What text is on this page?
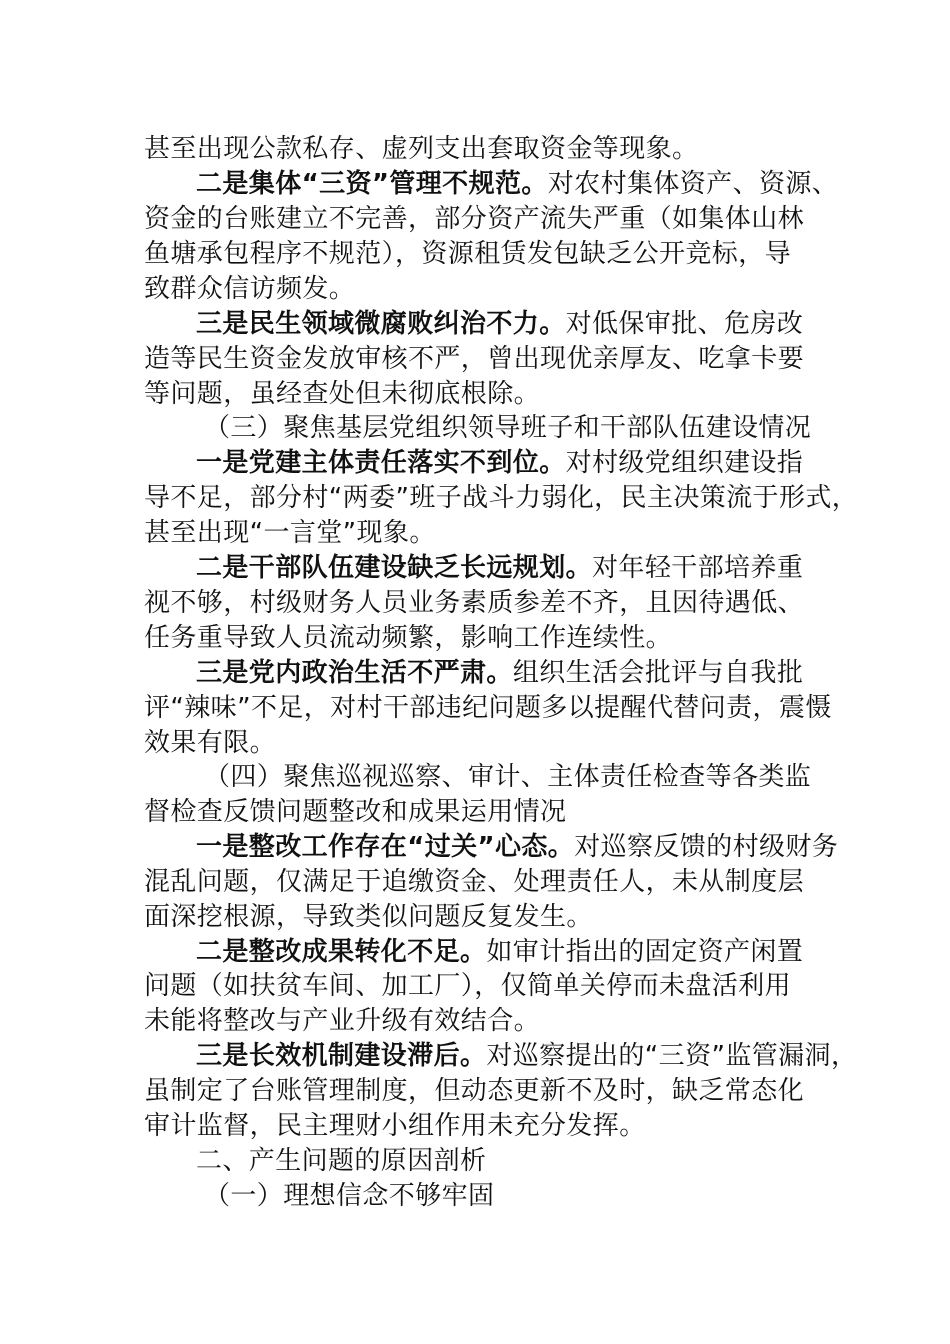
甚至出现公款私存、虚列支出套取资金等现象。
二是集体“三资”管理不规范。对农村集体资产、资源、
资金的台账建立不完善，部分资产流失严重（如集体山林
鱼塘承包程序不规范），资源租赁发包缺乏公开竞标，导
致群众信访频发。
三是民生领域微腐败纠治不力。对低保审批、危房改
造等民生资金发放审核不严，曾出现优亲厚友、吃拿卡要
等问题，虽经查处但未彻底根除。
（三）聚焦基层党组织领导班子和干部队伍建设情况
一是党建主体责任落实不到位。对村级党组织建设指
导不足，部分村“两委”班子战斗力弱化，民主决策流于形式，
甚至出现“一言堂”现象。
二是干部队伍建设缺乏长远规划。对年轻干部培养重
视不够，村级财务人员业务素质参差不齐，且因待遇低、
任务重导致人员流动频繁，影响工作连续性。
三是党内政治生活不严肃。组织生活会批评与自我批
评“辣味”不足，对村干部违纪问题多以提醒代替问责，震慑
效果有限。
（四）聚焦巡视巡察、审计、主体责任检查等各类监
督检查反馈问题整改和成果运用情况
一是整改工作存在“过关”心态。对巡察反馈的村级财务
混乱问题，仅满足于追缴资金、处理责任人，未从制度层
面深挖根源，导致类似问题反复发生。
二是整改成果转化不足。如审计指出的固定资产闲置
问题（如扶贫车间、加工厂），仅简单关停而未盘活利用
未能将整改与产业升级有效结合。
三是长效机制建设滞后。对巡察提出的“三资”监管漏洞，
虽制定了台账管理制度，但动态更新不及时，缺乏常态化
审计监督，民主理财小组作用未充分发挥。
二、产生问题的原因剖析
（一）理想信念不够牢固
